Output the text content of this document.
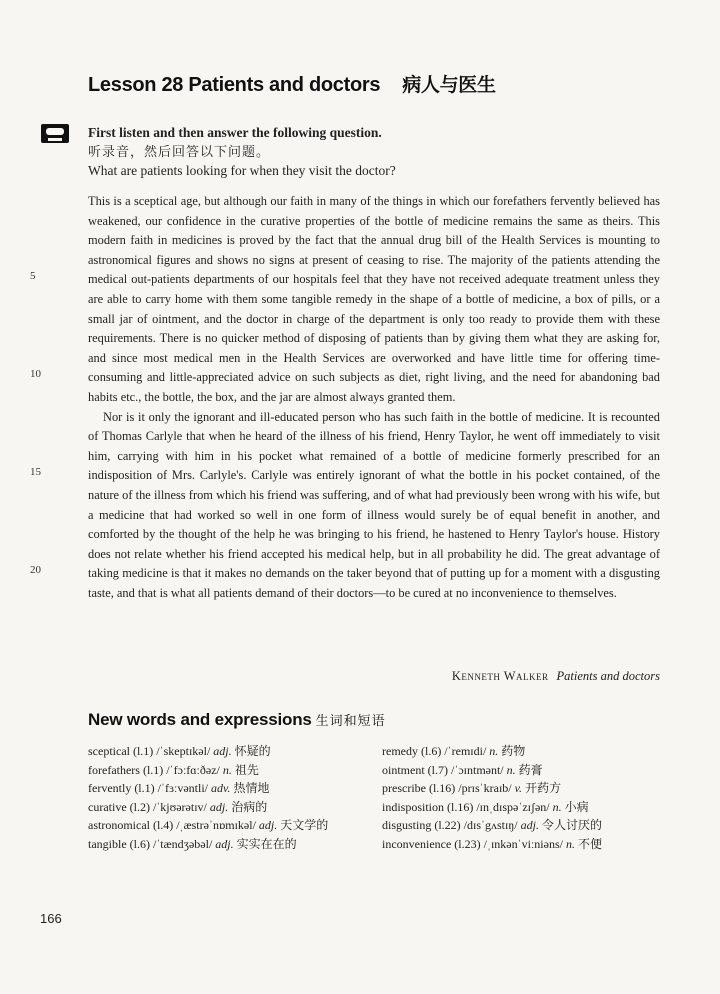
Lesson 28 Patients and doctors 病人与医生
First listen and then answer the following question.
听录音，然后回答以下问题。
What are patients looking for when they visit the doctor?
5
10
15
20

This is a sceptical age, but although our faith in many of the things in which our forefathers fervently believed has weakened, our confidence in the curative properties of the bottle of medicine remains the same as theirs. This modern faith in medicines is proved by the fact that the annual drug bill of the Health Services is mounting to astronomical figures and shows no signs at present of ceasing to rise. The majority of the patients attending the medical out-patients departments of our hospitals feel that they have not received adequate treatment unless they are able to carry home with them some tangible remedy in the shape of a bottle of medicine, a box of pills, or a small jar of ointment, and the doctor in charge of the department is only too ready to provide them with these requirements. There is no quicker method of disposing of patients than by giving them what they are asking for, and since most medical men in the Health Services are overworked and have little time for offering time-consuming and little-appreciated advice on such subjects as diet, right living, and the need for abandoning bad habits etc., the bottle, the box, and the jar are almost always granted them.

Nor is it only the ignorant and ill-educated person who has such faith in the bottle of medicine. It is recounted of Thomas Carlyle that when he heard of the illness of his friend, Henry Taylor, he went off immediately to visit him, carrying with him in his pocket what remained of a bottle of medicine formerly prescribed for an indisposition of Mrs. Carlyle's. Carlyle was entirely ignorant of what the bottle in his pocket contained, of the nature of the illness from which his friend was suffering, and of what had previously been wrong with his wife, but a medicine that had worked so well in one form of illness would surely be of equal benefit in another, and comforted by the thought of the help he was bringing to his friend, he hastened to Henry Taylor's house. History does not relate whether his friend accepted his medical help, but in all probability he did. The great advantage of taking medicine is that it makes no demands on the taker beyond that of putting up for a moment with a disgusting taste, and that is what all patients demand of their doctors—to be cured at no inconvenience to themselves.

Kenneth Walker Patients and doctors
New words and expressions 生词和短语
sceptical (l.1) /ˈskeptɪkəl/ adj. 怀疑的
forefathers (l.1) /ˈfɔːfɑːðəz/ n. 祖先
fervently (l.1) /ˈfɜːvəntli/ adv. 热情地
curative (l.2) /ˈkjʊərətɪv/ adj. 治病的
astronomical (l.4) /ˌæstrəˈnɒmɪkəl/ adj. 天文学的
tangible (l.6) /ˈtændʒəbəl/ adj. 实实在在的
remedy (l.6) /ˈremɪdi/ n. 药物
ointment (l.7) /ˈɔɪntmənt/ n. 药膏
prescribe (l.16) /prɪsˈkraɪb/ v. 开药方
indisposition (l.16) /ɪnˌdɪspəˈzɪʃən/ n. 小病
disgusting (l.22) /dɪsˈgʌstɪŋ/ adj. 令人讨厌的
inconvenience (l.23) /ˌɪnkənˈviːniəns/ n. 不便
166
